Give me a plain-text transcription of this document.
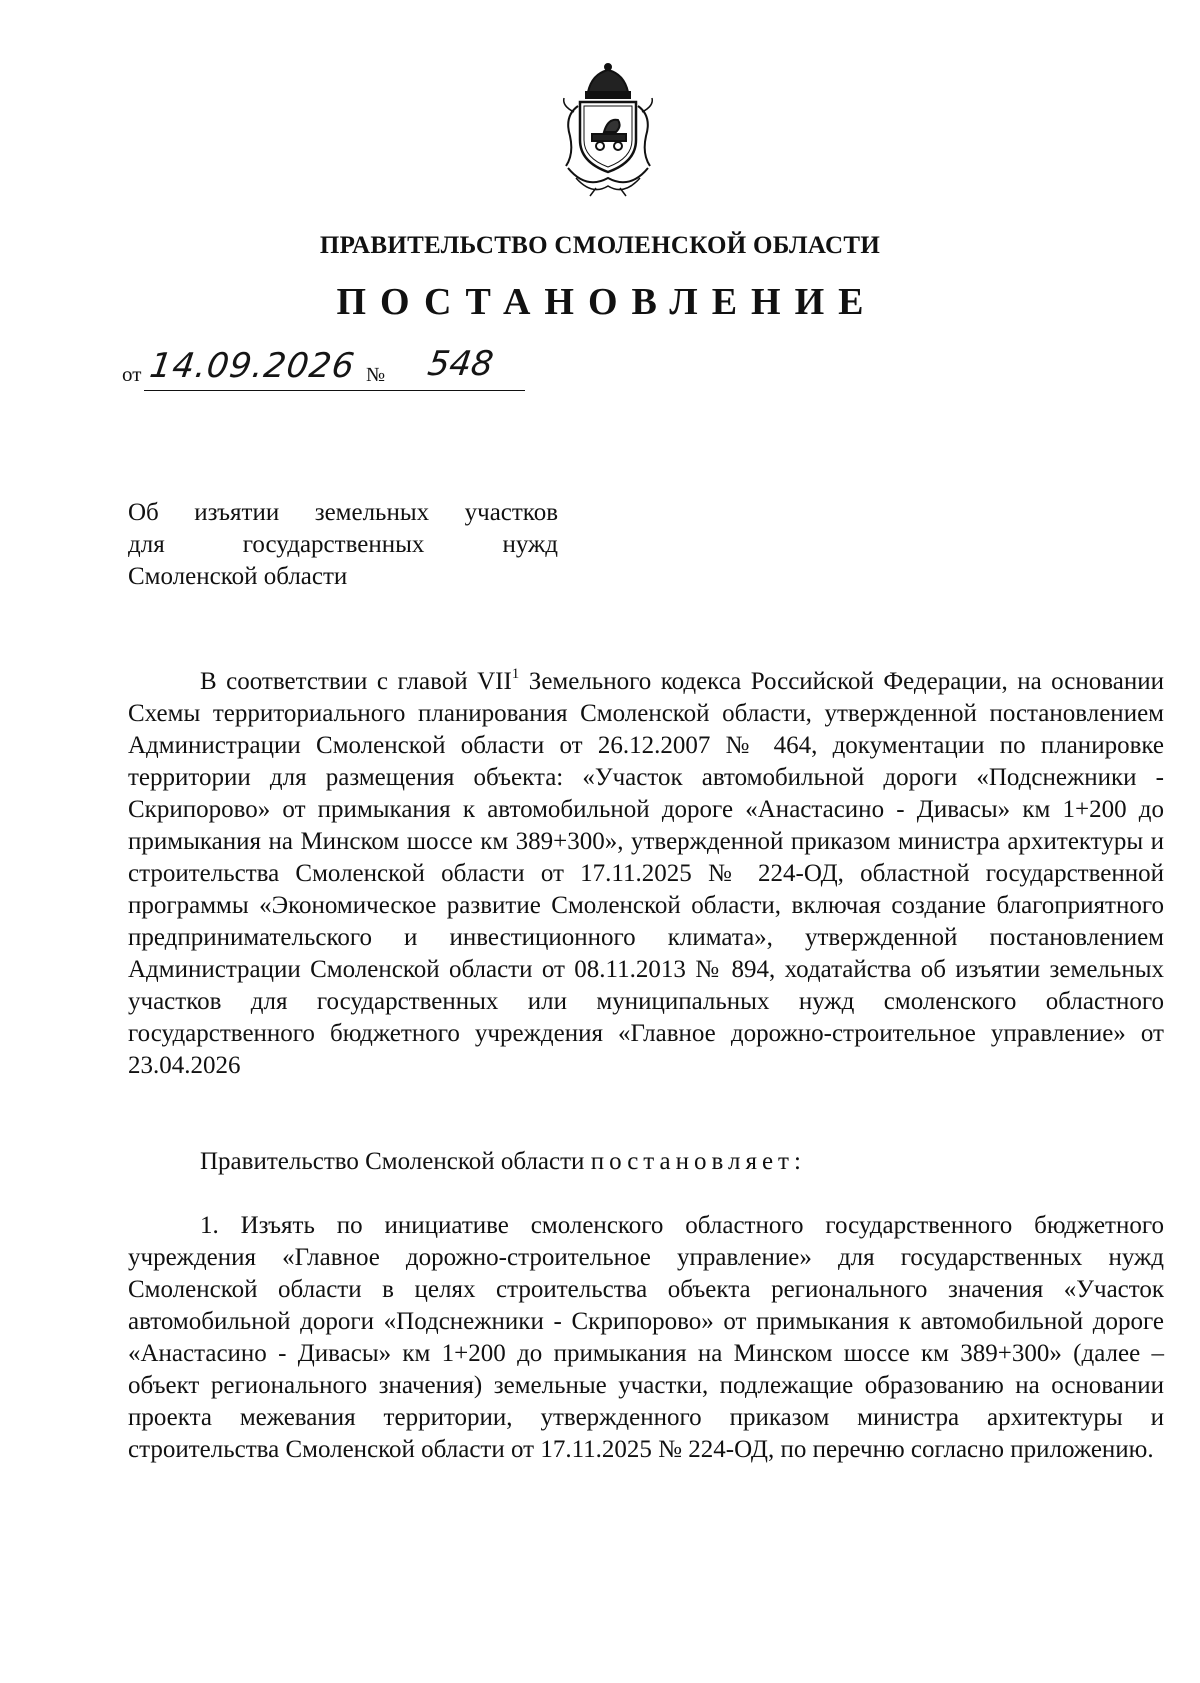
ПРАВИТЕЛЬСТВО СМОЛЕНСКОЙ ОБЛАСТИ
ПОСТАНОВЛЕНИЕ
от 14.09.2026 № 548
Об изъятии земельных участков
для государственных нужд
Смоленской области

В соответствии с главой VII$^1$ Земельного кодекса Российской Федерации, на основании Схемы территориального планирования Смоленской области, утвержденной постановлением Администрации Смоленской области от 26.12.2007 № 464, документации по планировке территории для размещения объекта: «Участок автомобильной дороги «Подснежники - Скрипорово» от примыкания к автомобильной дороге «Анастасино - Дивасы» км 1+200 до примыкания на Минском шоссе км 389+300», утвержденной приказом министра архитектуры и строительства Смоленской области от 17.11.2025 № 224-ОД, областной государственной программы «Экономическое развитие Смоленской области, включая создание благоприятного предпринимательского и инвестиционного климата», утвержденной постановлением Администрации Смоленской области от 08.11.2013 № 894, ходатайства об изъятии земельных участков для государственных или муниципальных нужд смоленского областного государственного бюджетного учреждения «Главное дорожно-строительное управление» от 23.04.2026

Правительство Смоленской области постановляет:

1. Изъять по инициативе смоленского областного государственного бюджетного учреждения «Главное дорожно-строительное управление» для государственных нужд Смоленской области в целях строительства объекта регионального значения «Участок автомобильной дороги «Подснежники - Скрипорово» от примыкания к автомобильной дороге «Анастасино - Дивасы» км 1+200 до примыкания на Минском шоссе км 389+300» (далее – объект регионального значения) земельные участки, подлежащие образованию на основании проекта межевания территории, утвержденного приказом министра архитектуры и строительства Смоленской области от 17.11.2025 № 224-ОД, по перечню согласно приложению.
